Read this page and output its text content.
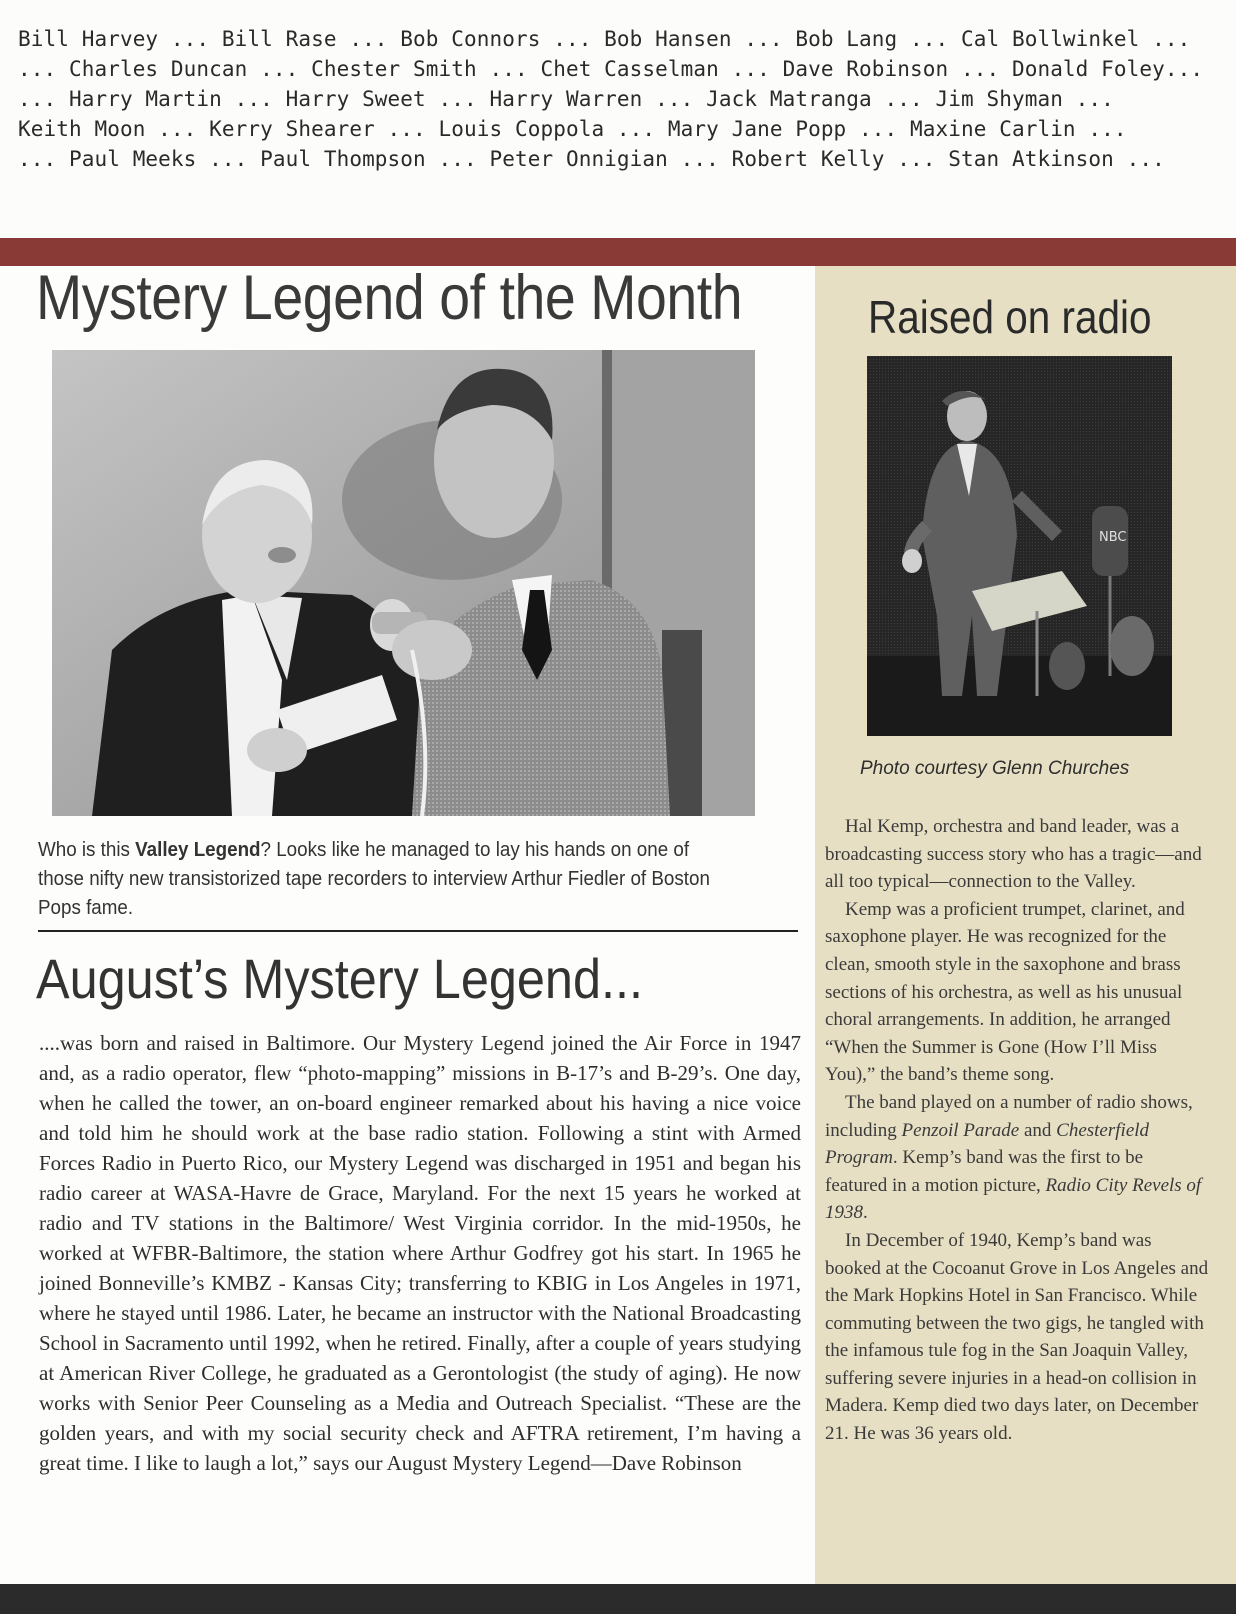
Bill Harvey ... Bill Rase ... Bob Connors ... Bob Hansen ... Bob Lang ... Cal Bollwinkel ...
... Charles Duncan ... Chester Smith ... Chet Casselman ... Dave Robinson ... Donald Foley...
... Harry Martin ... Harry Sweet ... Harry Warren ... Jack Matranga ... Jim Shyman ...
Keith Moon ... Kerry Shearer ... Louis Coppola ... Mary Jane Popp ... Maxine Carlin ...
... Paul Meeks ... Paul Thompson ... Peter Onnigian ... Robert Kelly ... Stan Atkinson ...
Mystery Legend of the Month
Who is this Valley Legend? Looks like he managed to lay his hands on one of those nifty new transistorized tape recorders to interview Arthur Fiedler of Boston Pops fame.
August’s Mystery Legend...
....was born and raised in Baltimore. Our Mystery Legend joined the Air Force in 1947 and, as a radio operator, flew “photo-mapping” missions in B-17’s and B-29’s. One day, when he called the tower, an on-board engineer remarked about his having a nice voice and told him he should work at the base radio station. Following a stint with Armed Forces Radio in Puerto Rico, our Mystery Legend was discharged in 1951 and began his radio career at WASA-Havre de Grace, Maryland. For the next 15 years he worked at radio and TV stations in the Baltimore/ West Virginia corridor. In the mid-1950s, he worked at WFBR-Baltimore, the station where Arthur Godfrey got his start. In 1965 he joined Bonneville’s KMBZ - Kansas City; transferring to KBIG in Los Angeles in 1971, where he stayed until 1986. Later, he became an instructor with the National Broadcasting School in Sacramento until 1992, when he retired. Finally, after a couple of years studying at American River College, he graduated as a Gerontologist (the study of aging). He now works with Senior Peer Counseling as a Media and Outreach Specialist. “These are the golden years, and with my social security check and AFTRA retirement, I’m having a great time. I like to laugh a lot,” says our August Mystery Legend—Dave Robinson
Raised on radio
NBC
Photo courtesy Glenn Churches

Hal Kemp, orchestra and band leader, was a broadcasting success story who has a tragic—and all too typical—connection to the Valley.

Kemp was a proficient trumpet, clarinet, and saxophone player. He was recognized for the clean, smooth style in the saxophone and brass sections of his orchestra, as well as his unusual choral arrangements. In addition, he arranged “When the Summer is Gone (How I’ll Miss You),” the band’s theme song.

The band played on a number of radio shows, including Penzoil Parade and Chesterfield Program. Kemp’s band was the first to be featured in a motion picture, Radio City Revels of 1938.

In December of 1940, Kemp’s band was booked at the Cocoanut Grove in Los Angeles and the Mark Hopkins Hotel in San Francisco. While commuting between the two gigs, he tangled with the infamous tule fog in the San Joaquin Valley, suffering severe injuries in a head-on collision in Madera. Kemp died two days later, on December 21. He was 36 years old.
